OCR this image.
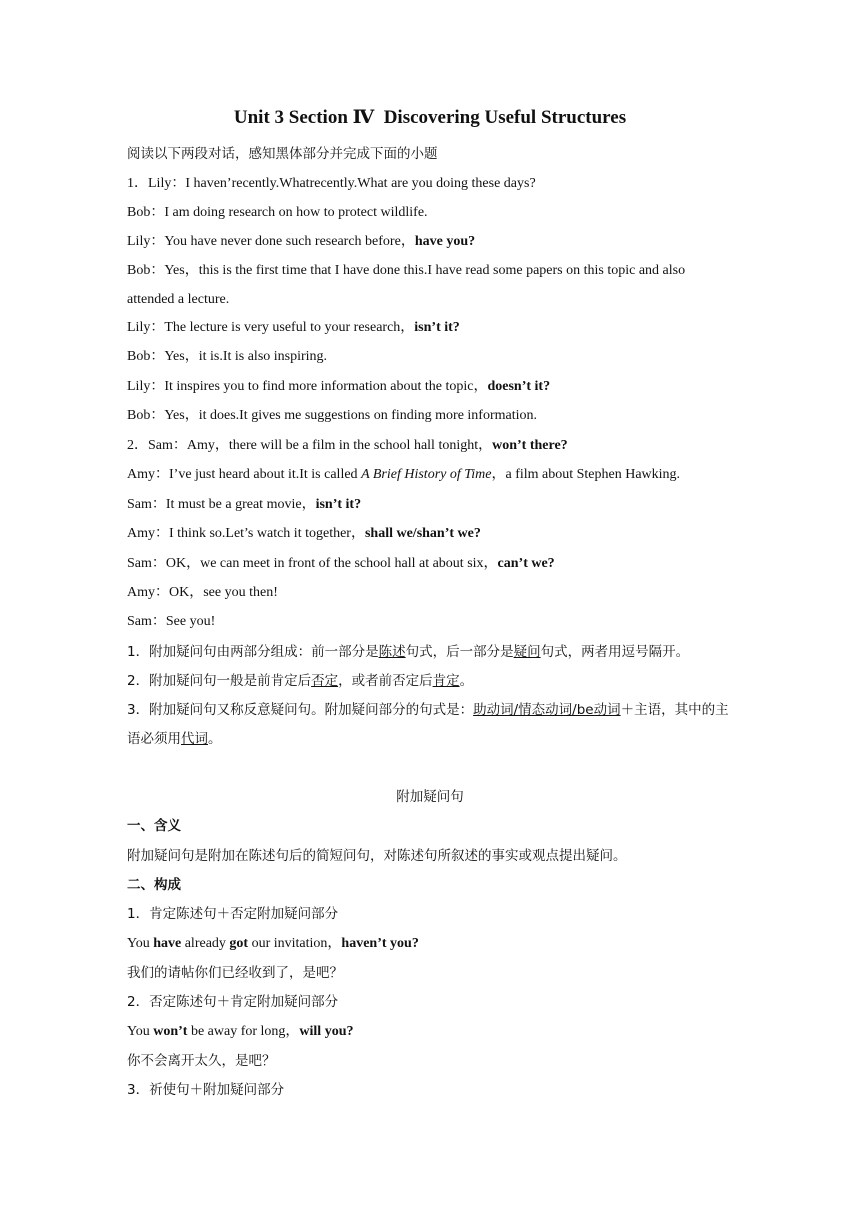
Unit 3 Section Ⅳ Discovering Useful Structures
阅读以下两段对话，感知黑体部分并完成下面的小题
1．Lily：I haven’recently.Whatrecently.What are you doing these days?
Bob：I am doing research on how to protect wildlife.
Lily：You have never done such research before，have you?
Bob：Yes，this is the first time that I have done this.I have read some papers on this topic and also
attended a lecture.
Lily：The lecture is very useful to your research，isn’t it?
Bob：Yes，it is.It is also inspiring.
Lily：It inspires you to find more information about the topic，doesn’t it?
Bob：Yes，it does.It gives me suggestions on finding more information.
2．Sam：Amy，there will be a film in the school hall tonight，won’t there?
Amy：I’ve just heard about it.It is called A Brief History of Time，a film about Stephen Hawking.
Sam：It must be a great movie，isn’t it?
Amy：I think so.Let’s watch it together，shall we/shan’t we?
Sam：OK，we can meet in front of the school hall at about six，can’t we?
Amy：OK，see you then!
Sam：See you!
1．附加疑问句由两部分组成：前一部分是陈述句式，后一部分是疑问句式，两者用逗号隔开。
2．附加疑问句一般是前肯定后否定，或者前否定后肯定。
3．附加疑问句又称反意疑问句。附加疑问部分的句式是：助动词/情态动词/be动词＋主语，其中的主语必须用代词。
附加疑问句
一、含义
附加疑问句是附加在陈述句后的简短问句，对陈述句所叙述的事实或观点提出疑问。
二、构成
1．肯定陈述句＋否定附加疑问部分
You have already got our invitation，haven’t you?
我们的请帖你们已经收到了，是吧？
2．否定陈述句＋肯定附加疑问部分
You won’t be away for long，will you?
你不会离开太久，是吧？
3．祈使句＋附加疑问部分
